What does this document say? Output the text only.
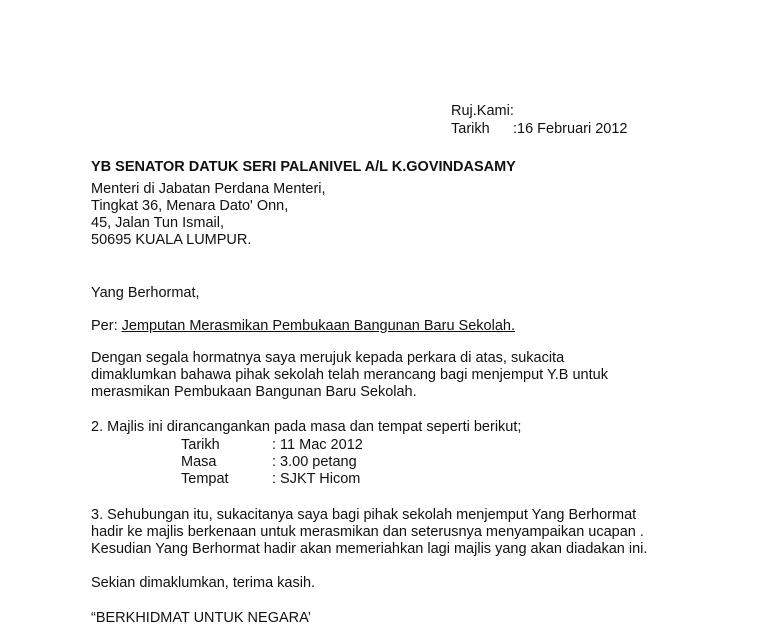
Ruj.Kami:
Tarikh :16 Februari 2012
YB SENATOR DATUK SERI PALANIVEL A/L K.GOVINDASAMY
Menteri di Jabatan Perdana Menteri,
Tingkat 36, Menara Dato' Onn,
45, Jalan Tun Ismail,
50695 KUALA LUMPUR.
Yang Berhormat,
Per: Jemputan Merasmikan Pembukaan Bangunan Baru Sekolah.
Dengan segala hormatnya saya merujuk kepada perkara di atas, sukacita
dimaklumkan bahawa pihak sekolah telah merancang bagi menjemput Y.B untuk
merasmikan Pembukaan Bangunan Baru Sekolah.
2. Majlis ini dirancangankan pada masa dan tempat seperti berikut;
Tarikh	: 11 Mac 2012
Masa	: 3.00 petang
Tempat	: SJKT Hicom
3. Sehubungan itu, sukacitanya saya bagi pihak sekolah menjemput Yang Berhormat
hadir ke majlis berkenaan untuk merasmikan dan seterusnya menyampaikan ucapan .
Kesudian Yang Berhormat hadir akan memeriahkan lagi majlis yang akan diadakan ini.
Sekian dimaklumkan, terima kasih.
“BERKHIDMAT UNTUK NEGARA’
